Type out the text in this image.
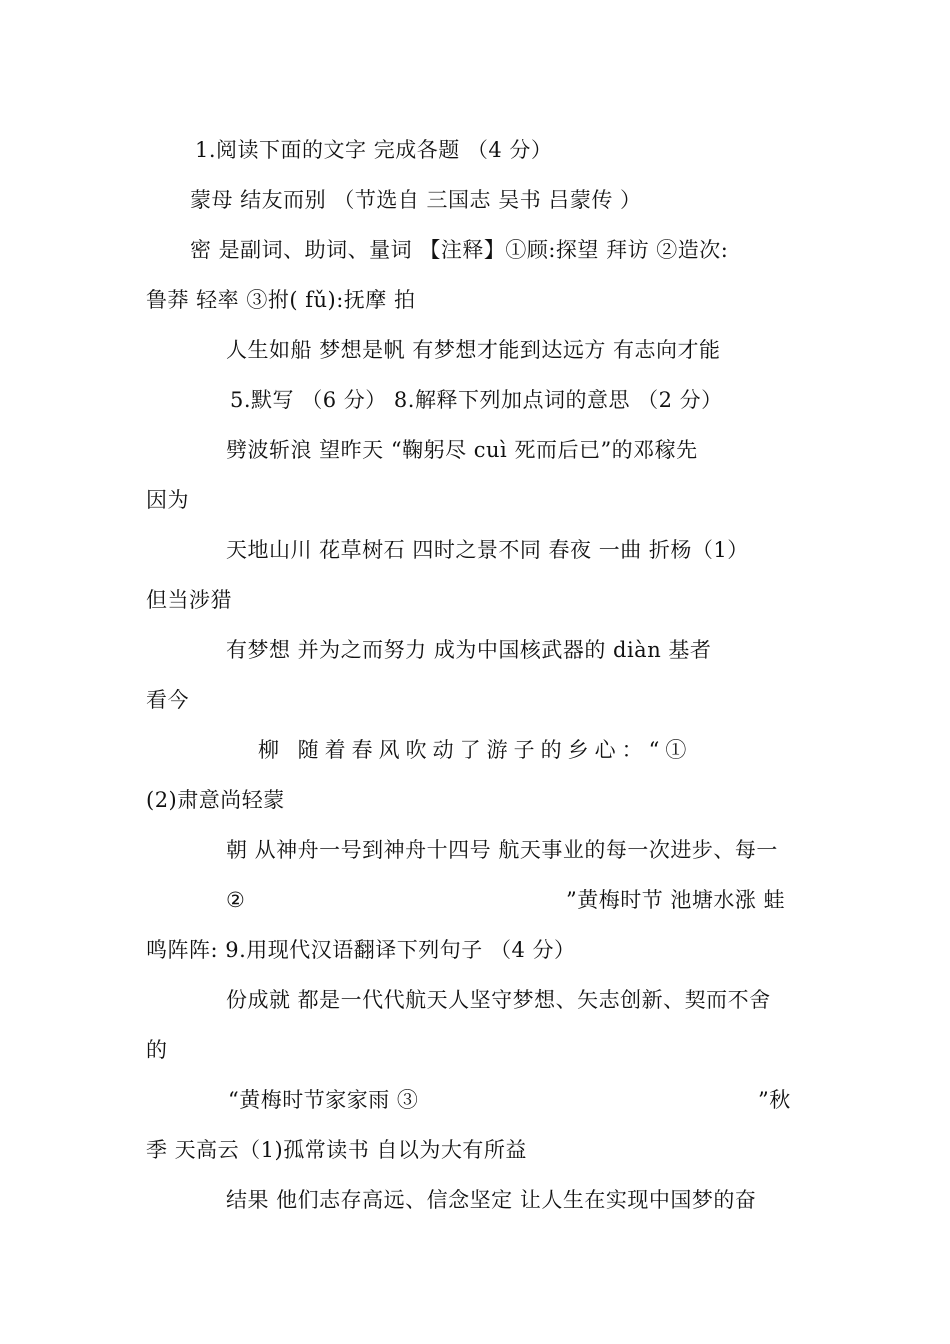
1.阅读下面的文字 完成各题 （4 分）
蒙母 结友而别 （节选自 三国志 吴书 吕蒙传 ）
密 是副词、助词、量词 【注释】①顾:探望 拜访 ②造次:
鲁莽 轻率 ③拊( fǔ):抚摩 拍
人生如船 梦想是帆 有梦想才能到达远方 有志向才能
5.默写 （6 分） 8.解释下列加点词的意思 （2 分）
劈波斩浪 望昨天 “鞠躬尽 cuì 死而后已”的邓稼先
因为
天地山川 花草树石 四时之景不同 春夜 一曲 折杨（1）
但当涉猎
有梦想 并为之而努力 成为中国核武器的 diàn 基者
看今
柳 随着春风吹动了游子的乡心：“①
(2)肃意尚轻蒙
朝 从神舟一号到神舟十四号 航天事业的每一次进步、每一
②	”黄梅时节 池塘水涨 蛙
鸣阵阵: 9.用现代汉语翻译下列句子 （4 分）
份成就 都是一代代航天人坚守梦想、矢志创新、契而不舍
的
“黄梅时节家家雨 ③	”秋
季 天高云（1)孤常读书 自以为大有所益
结果 他们志存高远、信念坚定 让人生在实现中国梦的奋
